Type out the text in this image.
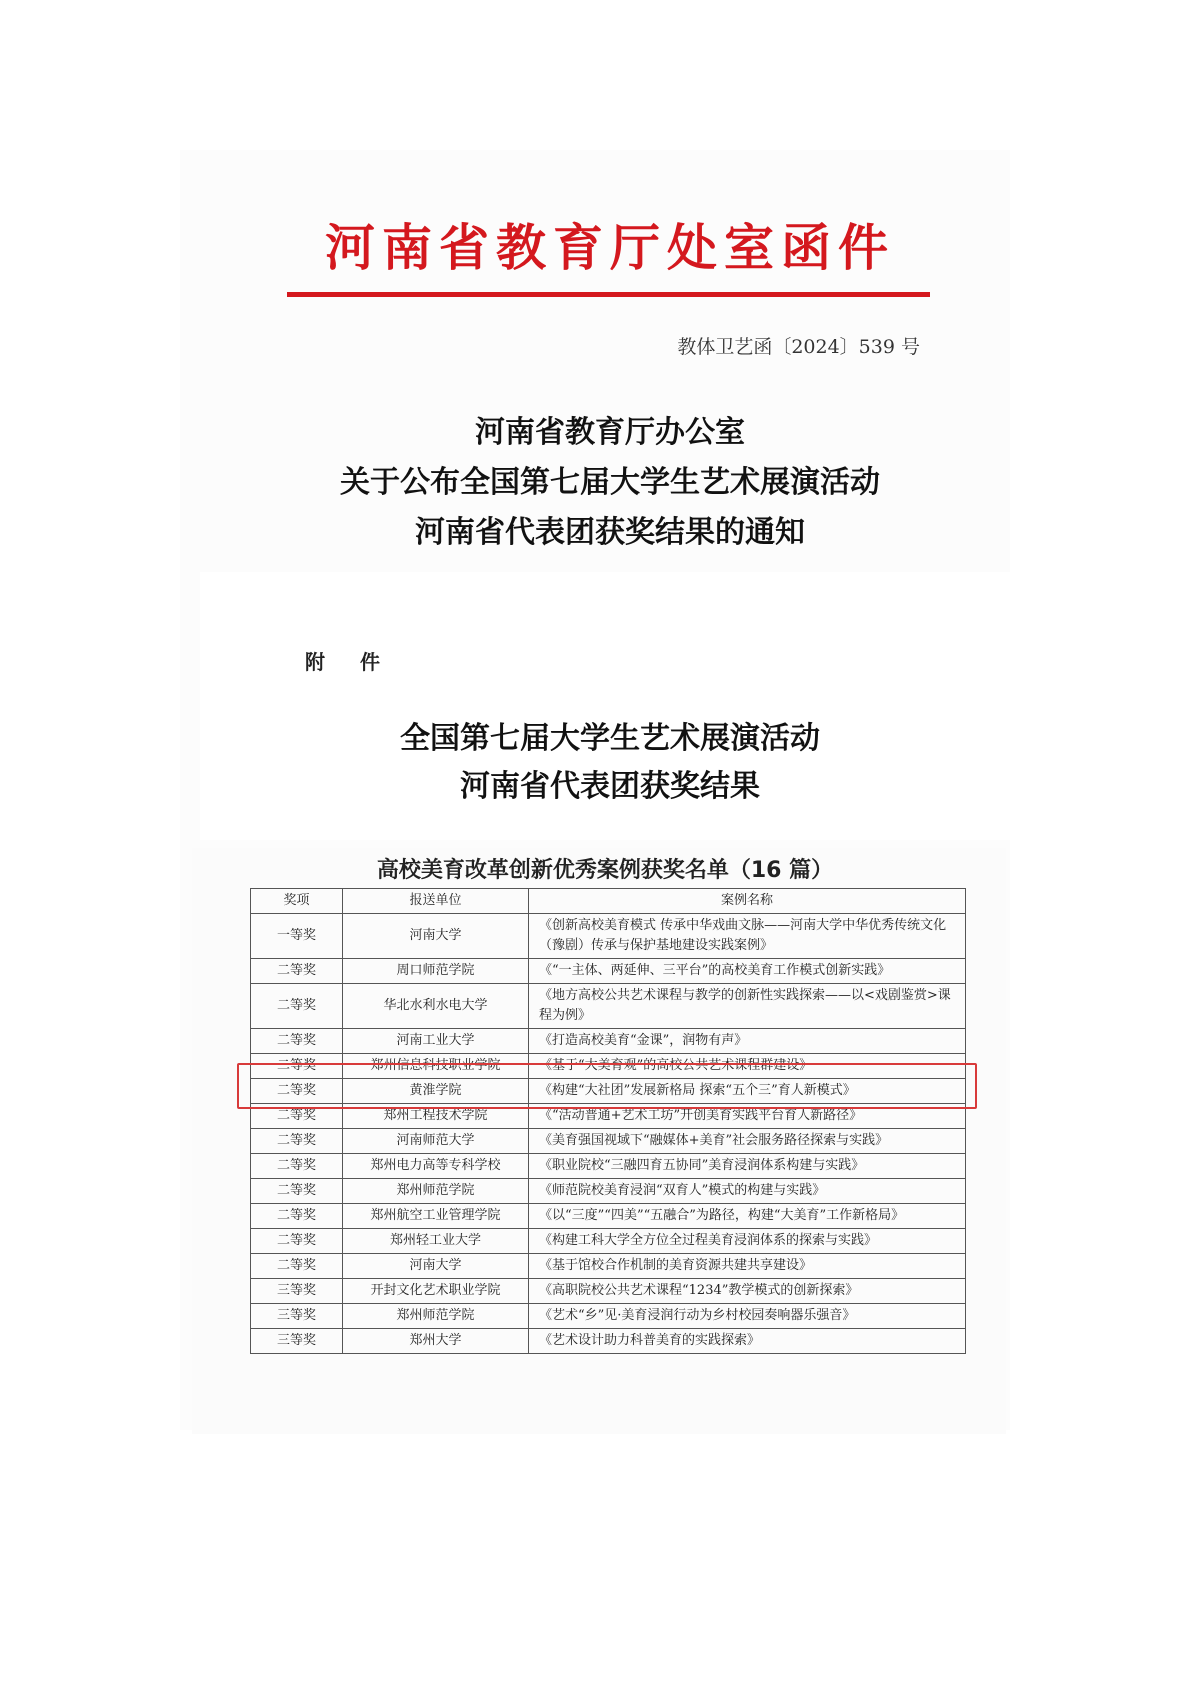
河南省教育厅处室函件
教体卫艺函〔2024〕539 号
河南省教育厅办公室
关于公布全国第七届大学生艺术展演活动
河南省代表团获奖结果的通知
附 件
全国第七届大学生艺术展演活动
河南省代表团获奖结果
高校美育改革创新优秀案例获奖名单（16 篇）
奖项	报送单位	案例名称
一等奖	河南大学	《创新高校美育模式 传承中华戏曲文脉——河南大学中华优秀传统文化（豫剧）传承与保护基地建设实践案例》
二等奖	周口师范学院	《“一主体、两延伸、三平台”的高校美育工作模式创新实践》
二等奖	华北水利水电大学	《地方高校公共艺术课程与教学的创新性实践探索——以<戏剧鉴赏>课程为例》
二等奖	河南工业大学	《打造高校美育“金课”，润物有声》
二等奖	郑州信息科技职业学院	《基于“大美育观”的高校公共艺术课程群建设》
二等奖	黄淮学院	《构建“大社团”发展新格局 探索“五个三”育人新模式》
二等奖	郑州工程技术学院	《“活动普通+艺术工坊”开创美育实践平台育人新路径》
二等奖	河南师范大学	《美育强国视域下“融媒体+美育”社会服务路径探索与实践》
二等奖	郑州电力高等专科学校	《职业院校“三融四育五协同”美育浸润体系构建与实践》
二等奖	郑州师范学院	《师范院校美育浸润“双育人”模式的构建与实践》
二等奖	郑州航空工业管理学院	《以“三度”“四美”“五融合”为路径，构建“大美育”工作新格局》
二等奖	郑州轻工业大学	《构建工科大学全方位全过程美育浸润体系的探索与实践》
二等奖	河南大学	《基于馆校合作机制的美育资源共建共享建设》
三等奖	开封文化艺术职业学院	《高职院校公共艺术课程“1234”教学模式的创新探索》
三等奖	郑州师范学院	《艺术“乡”见·美育浸润行动为乡村校园奏响器乐强音》
三等奖	郑州大学	《艺术设计助力科普美育的实践探索》
